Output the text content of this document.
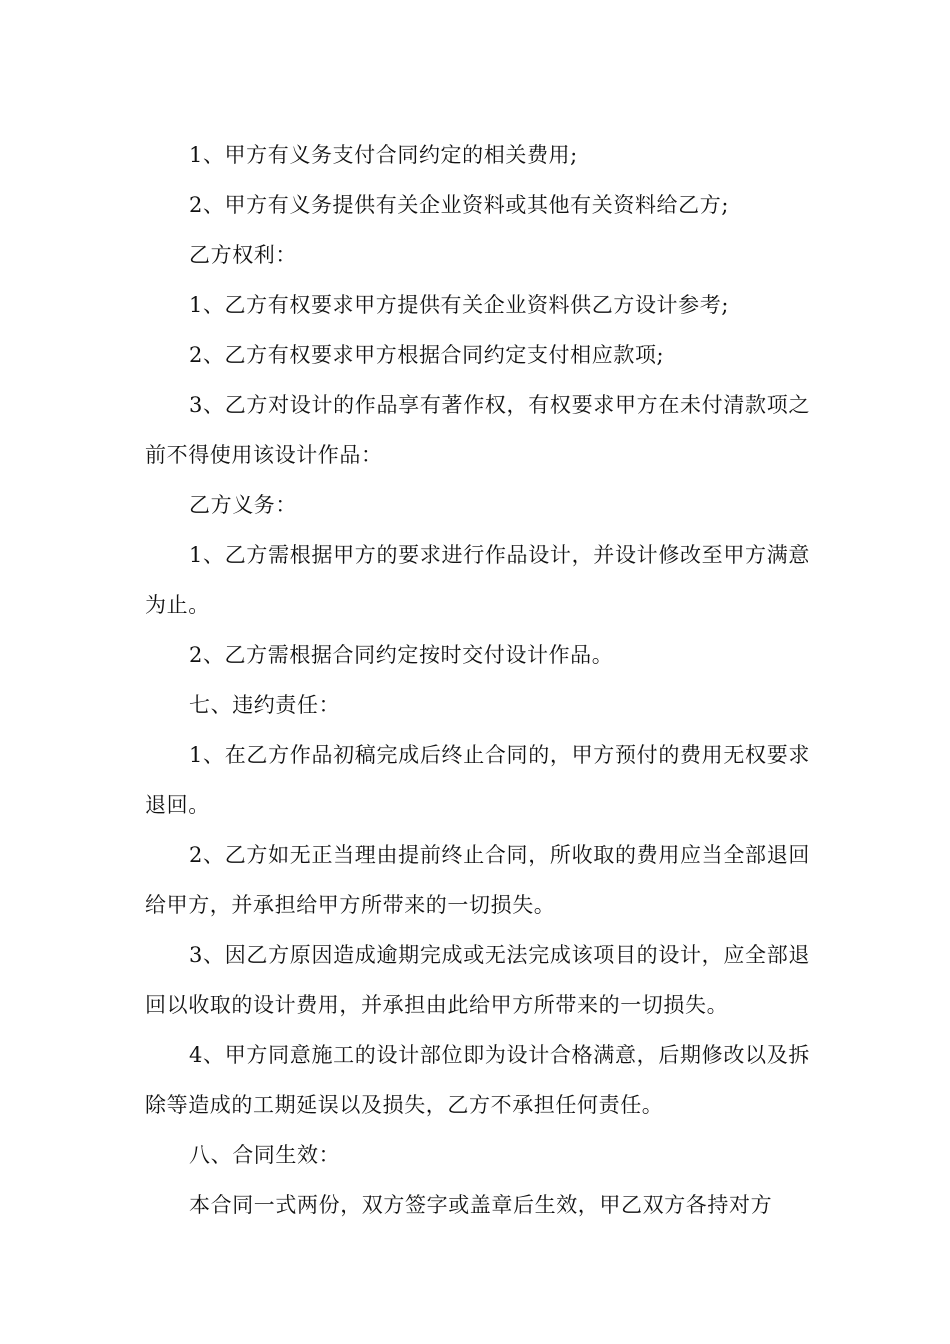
1、甲方有义务支付合同约定的相关费用;

2、甲方有义务提供有关企业资料或其他有关资料给乙方;

乙方权利：

1、乙方有权要求甲方提供有关企业资料供乙方设计参考;

2、乙方有权要求甲方根据合同约定支付相应款项;

3、乙方对设计的作品享有著作权，有权要求甲方在未付清款项之前不得使用该设计作品：

乙方义务：

1、乙方需根据甲方的要求进行作品设计，并设计修改至甲方满意为止。

2、乙方需根据合同约定按时交付设计作品。

七、违约责任：

1、在乙方作品初稿完成后终止合同的，甲方预付的费用无权要求退回。

2、乙方如无正当理由提前终止合同，所收取的费用应当全部退回给甲方，并承担给甲方所带来的一切损失。

3、因乙方原因造成逾期完成或无法完成该项目的设计，应全部退回以收取的设计费用，并承担由此给甲方所带来的一切损失。

4、甲方同意施工的设计部位即为设计合格满意，后期修改以及拆除等造成的工期延误以及损失，乙方不承担任何责任。

八、合同生效：

本合同一式两份，双方签字或盖章后生效，甲乙双方各持对方
